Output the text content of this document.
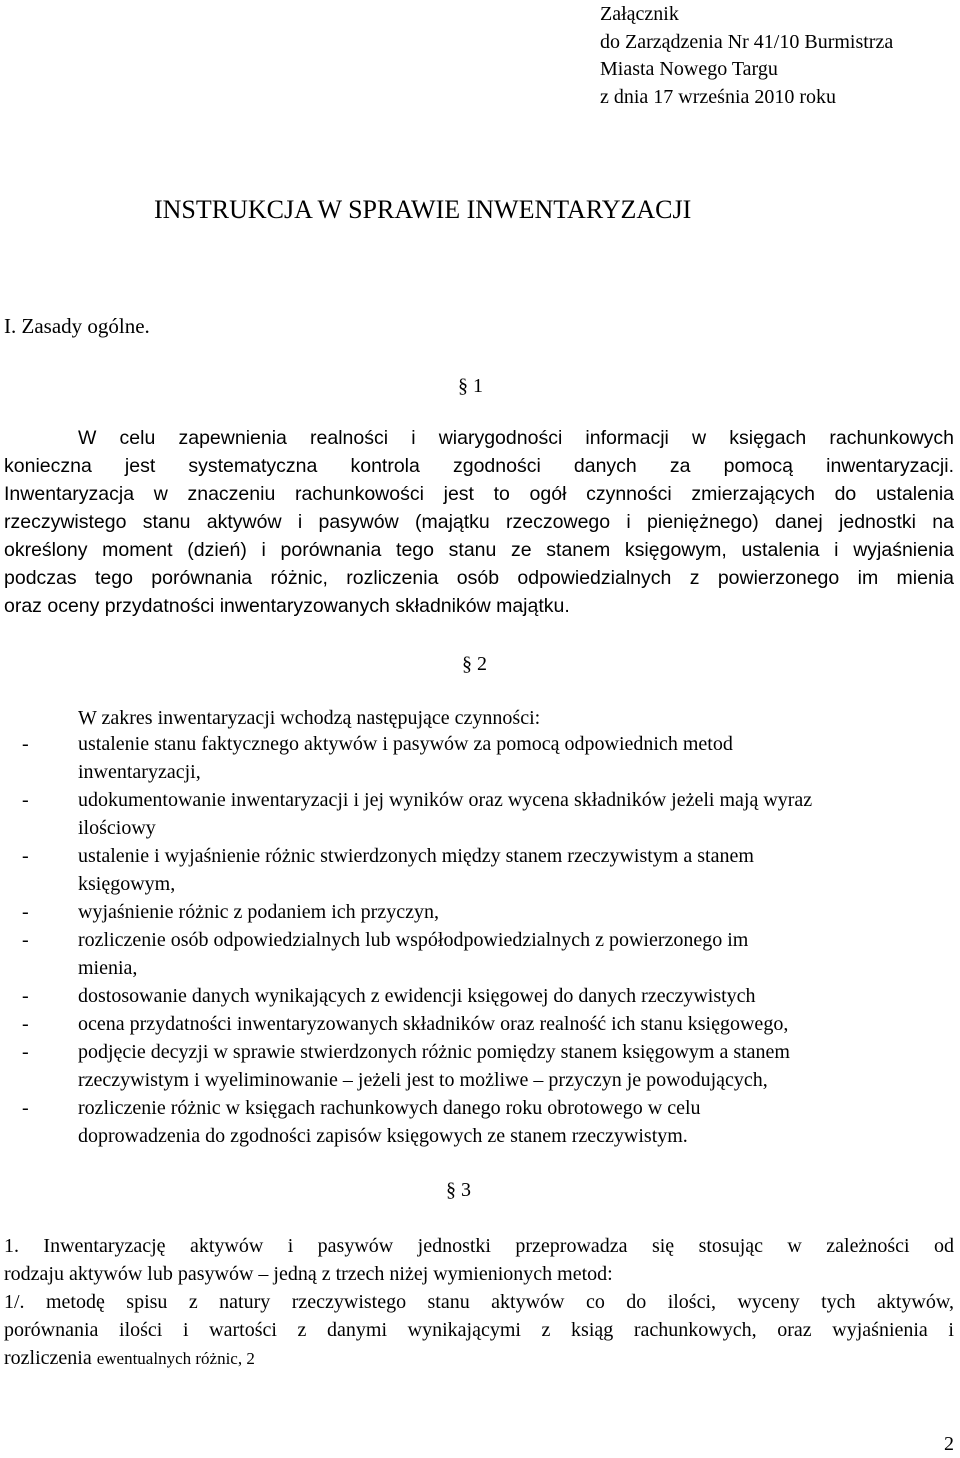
Załącznik
do Zarządzenia Nr 41/10 Burmistrza
Miasta Nowego Targu
z dnia 17 września 2010 roku
INSTRUKCJA W SPRAWIE INWENTARYZACJI
I. Zasady ogólne.
§ 1
W celu zapewnienia realności i wiarygodności informacji w księgach rachunkowych
konieczna jest systematyczna kontrola zgodności danych za pomocą inwentaryzacji.
Inwentaryzacja w znaczeniu rachunkowości jest to ogół czynności zmierzających do ustalenia
rzeczywistego stanu aktywów i pasywów (majątku rzeczowego i pieniężnego) danej jednostki na
określony moment (dzień) i porównania tego stanu ze stanem księgowym, ustalenia i wyjaśnienia
podczas tego porównania różnic, rozliczenia osób odpowiedzialnych z powierzonego im mienia
oraz oceny przydatności inwentaryzowanych składników majątku.
§ 2
W zakres inwentaryzacji wchodzą następujące czynności:
- ustalenie stanu faktycznego aktywów i pasywów za pomocą odpowiednich metod
inwentaryzacji,
- udokumentowanie inwentaryzacji i jej wyników oraz wycena składników jeżeli mają wyraz
ilościowy
- ustalenie i wyjaśnienie różnic stwierdzonych między stanem rzeczywistym a stanem
księgowym,
- wyjaśnienie różnic z podaniem ich przyczyn,
- rozliczenie osób odpowiedzialnych lub współodpowiedzialnych z powierzonego im
mienia,
- dostosowanie danych wynikających z ewidencji księgowej do danych rzeczywistych
- ocena przydatności inwentaryzowanych składników oraz realność ich stanu księgowego,
- podjęcie decyzji w sprawie stwierdzonych różnic pomiędzy stanem księgowym a stanem
rzeczywistym i wyeliminowanie – jeżeli jest to możliwe – przyczyn je powodujących,
- rozliczenie różnic w księgach rachunkowych danego roku obrotowego w celu
doprowadzenia do zgodności zapisów księgowych ze stanem rzeczywistym.
§ 3
1. Inwentaryzację aktywów i pasywów jednostki przeprowadza się stosując w zależności od
rodzaju aktywów lub pasywów – jedną z trzech niżej wymienionych metod:
1/. metodę spisu z natury rzeczywistego stanu aktywów co do ilości, wyceny tych aktywów,
porównania ilości i wartości z danymi wynikającymi z ksiąg rachunkowych, oraz wyjaśnienia i
rozliczenia ewentualnych różnic, 2
2
